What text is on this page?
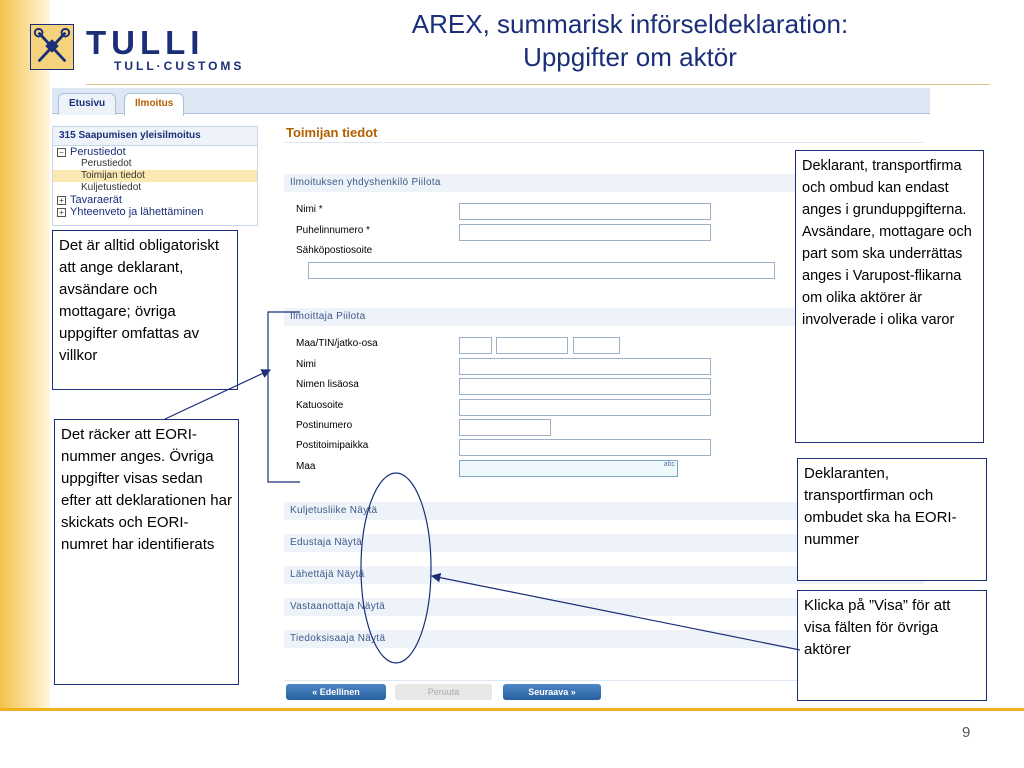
TULLI
TULL·CUSTOMS
AREX, summarisk införseldeklaration:
Uppgifter om aktör
Etusivu	Ilmoitus
315 Saapumisen yleisilmoitus
− Perustiedot
Perustiedot
Toimijan tiedot
Kuljetustiedot
+ Tavaraerät
+ Yhteenveto ja lähettäminen
Toimijan tiedot
Ilmoituksen yhdyshenkilö Piilota
Nimi *
Puhelinnumero *
Sähköpostiosoite
Ilmoittaja Piilota
Maa/TIN/jatko-osa
Nimi
Nimen lisäosa
Katuosoite
Postinumero
Postitoimipaikka
Maa	abc
Kuljetusliike Näytä
Edustaja Näytä
Lähettäjä Näytä
Vastaanottaja Näytä
Tiedoksisaaja Näytä
« Edellinen	Peruuta	Seuraava »
Det är alltid obligatoriskt att ange deklarant, avsändare och mottagare; övriga uppgifter omfattas av villkor
Det räcker att EORI-nummer anges. Övriga uppgifter visas sedan efter att deklarationen har skickats och EORI-numret har identifierats
Deklarant, transportfirma och ombud kan endast anges i grunduppgifterna. Avsändare, mottagare och part som ska underrättas anges i Varupost-flikarna om olika aktörer är involverade i olika varor
Deklaranten, transportfirman och ombudet ska ha EORI-nummer
Klicka på ”Visa” för att visa fälten för övriga aktörer
9
